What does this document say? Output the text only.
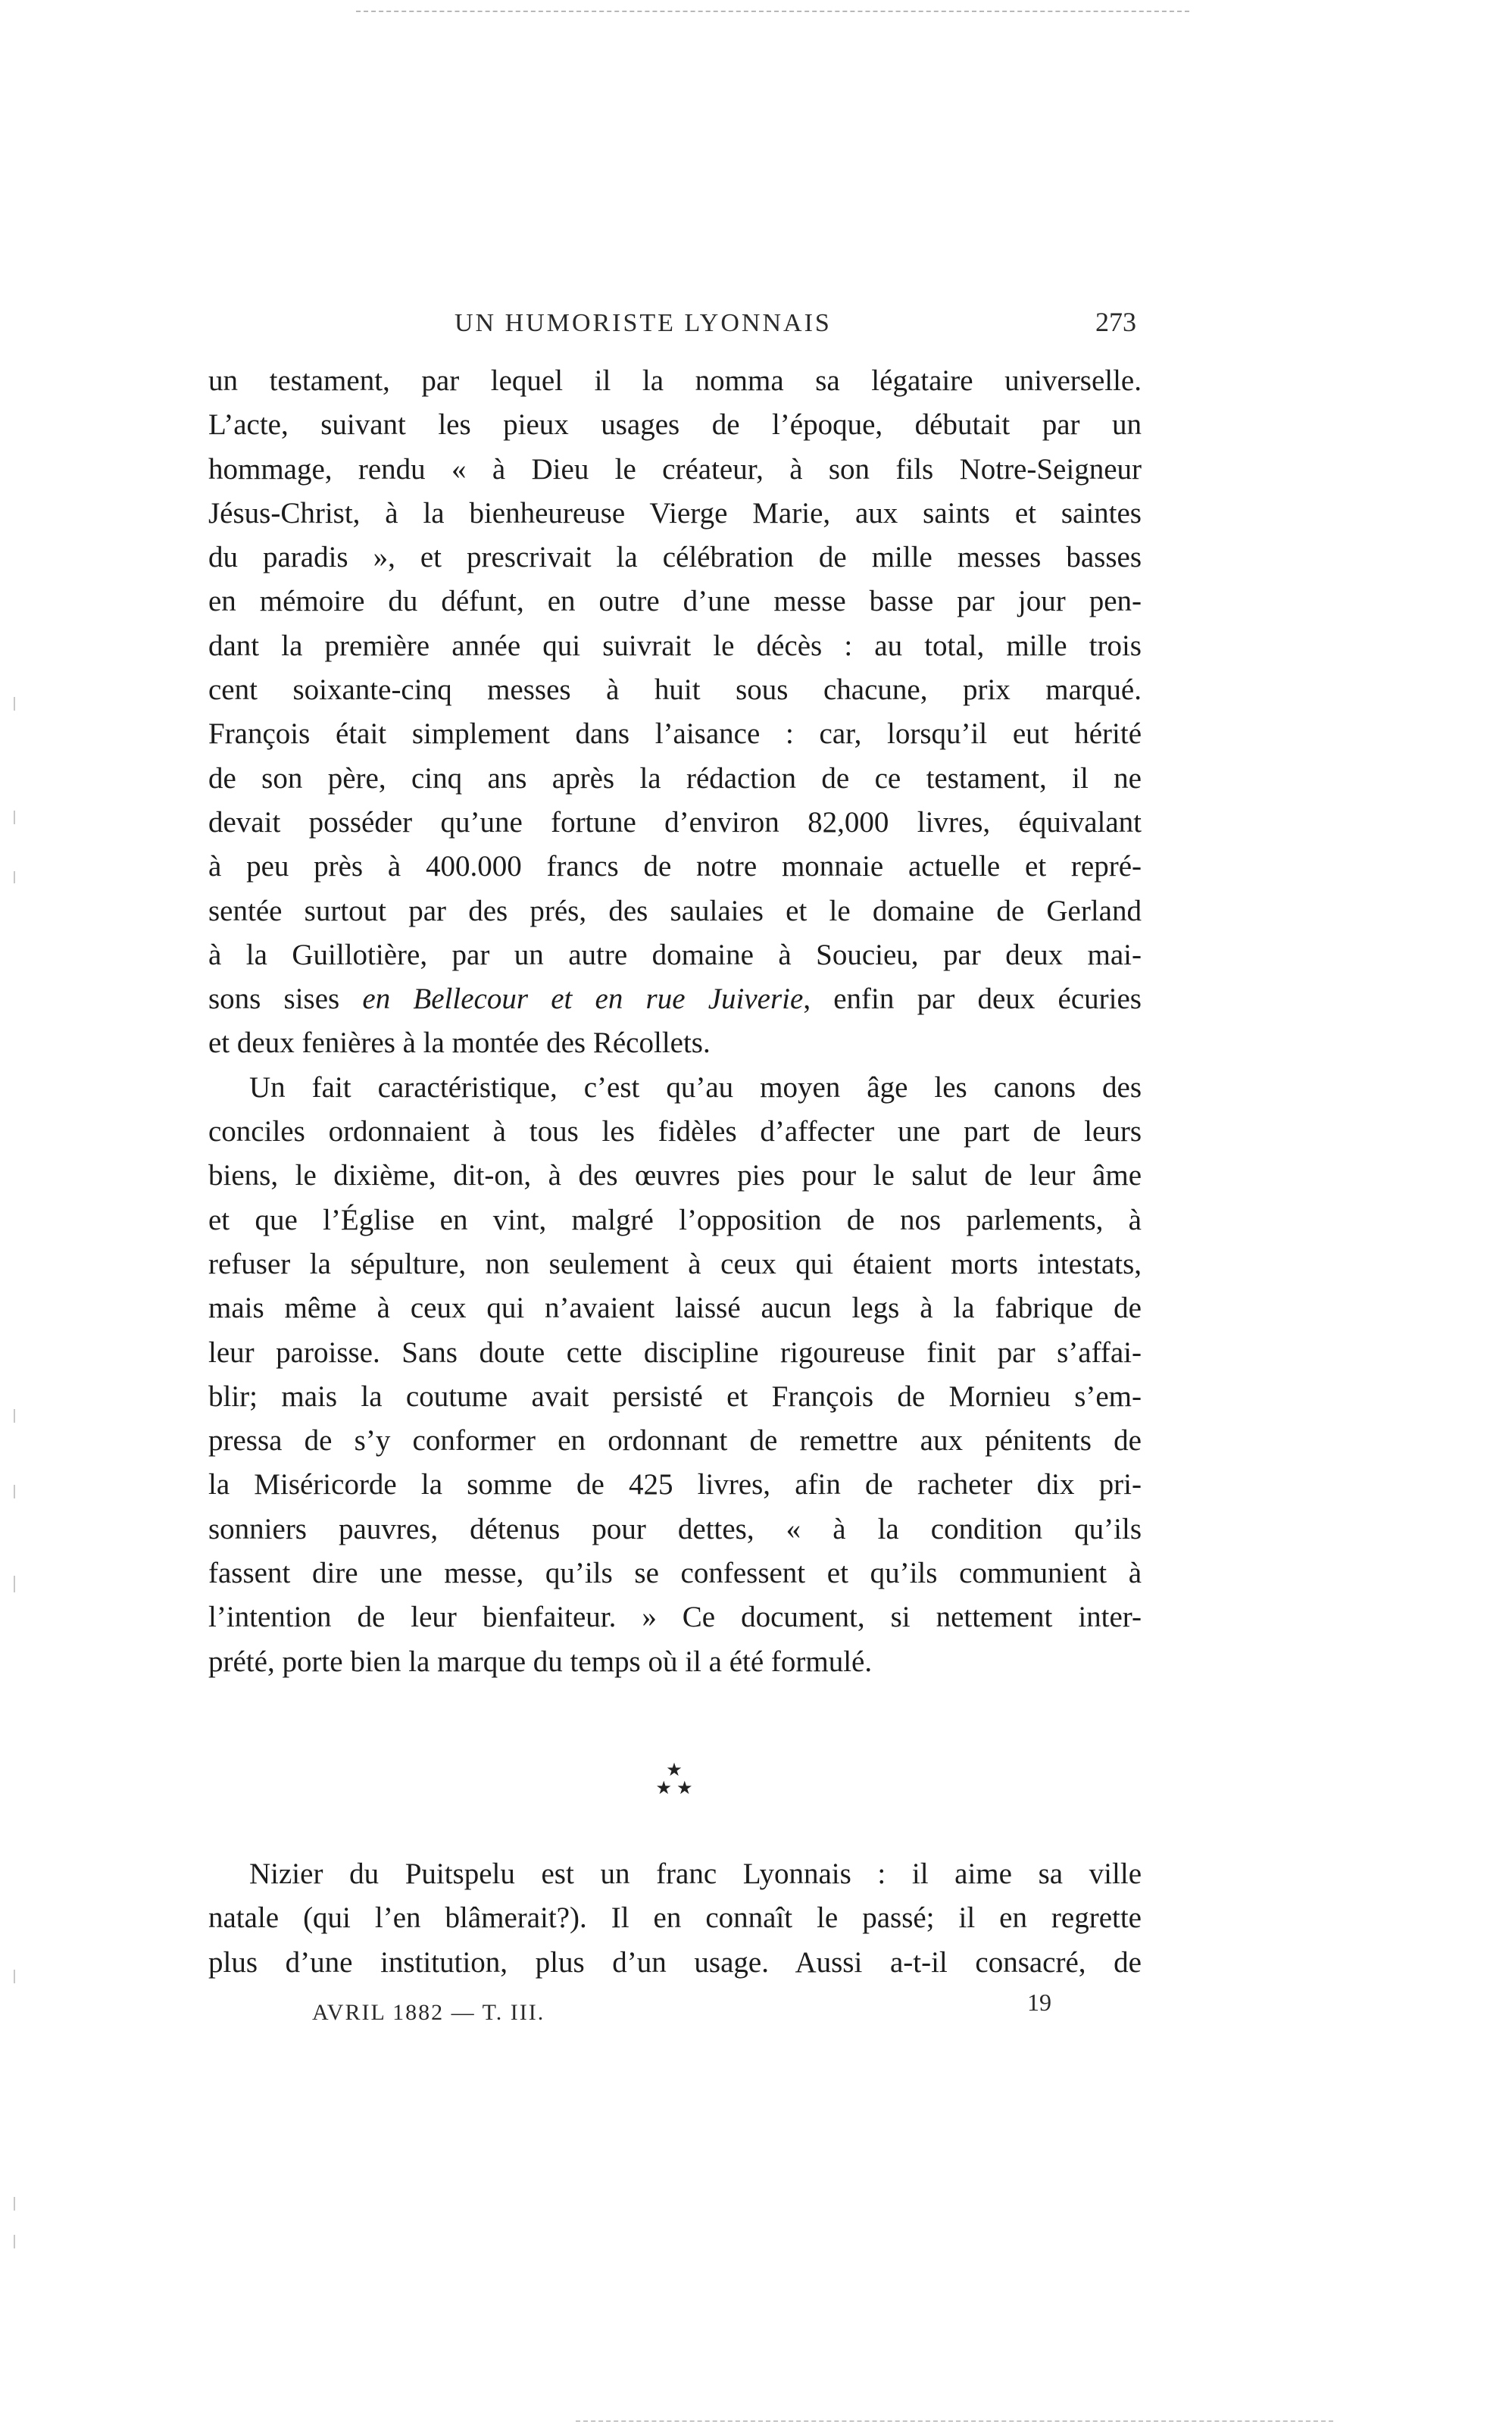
UN HUMORISTE LYONNAIS	273
un testament, par lequel il la nomma sa légataire universelle.
L’acte, suivant les pieux usages de l’époque, débutait par un
hommage, rendu « à Dieu le créateur, à son fils Notre-Seigneur
Jésus-Christ, à la bienheureuse Vierge Marie, aux saints et saintes
du paradis », et prescrivait la célébration de mille messes basses
en mémoire du défunt, en outre d’une messe basse par jour pen-
dant la première année qui suivrait le décès : au total, mille trois
cent soixante-cinq messes à huit sous chacune, prix marqué.
François était simplement dans l’aisance : car, lorsqu’il eut hérité
de son père, cinq ans après la rédaction de ce testament, il ne
devait posséder qu’une fortune d’environ 82,000 livres, équivalant
à peu près à 400.000 francs de notre monnaie actuelle et repré-
sentée surtout par des prés, des saulaies et le domaine de Gerland
à la Guillotière, par un autre domaine à Soucieu, par deux mai-
sons sises en Bellecour et en rue Juiverie, enfin par deux écuries
et deux fenières à la montée des Récollets.
Un fait caractéristique, c’est qu’au moyen âge les canons des
conciles ordonnaient à tous les fidèles d’affecter une part de leurs
biens, le dixième, dit-on, à des œuvres pies pour le salut de leur âme
et que l’Église en vint, malgré l’opposition de nos parlements, à
refuser la sépulture, non seulement à ceux qui étaient morts intestats,
mais même à ceux qui n’avaient laissé aucun legs à la fabrique de
leur paroisse. Sans doute cette discipline rigoureuse finit par s’affai-
blir; mais la coutume avait persisté et François de Mornieu s’em-
pressa de s’y conformer en ordonnant de remettre aux pénitents de
la Miséricorde la somme de 425 livres, afin de racheter dix pri-
sonniers pauvres, détenus pour dettes, « à la condition qu’ils
fassent dire une messe, qu’ils se confessent et qu’ils communient à
l’intention de leur bienfaiteur. » Ce document, si nettement inter-
prété, porte bien la marque du temps où il a été formulé.
★
★ ★
Nizier du Puitspelu est un franc Lyonnais : il aime sa ville
natale (qui l’en blâmerait?). Il en connaît le passé; il en regrette
plus d’une institution, plus d’un usage. Aussi a-t-il consacré, de
AVRIL 1882 — T. III.	19
